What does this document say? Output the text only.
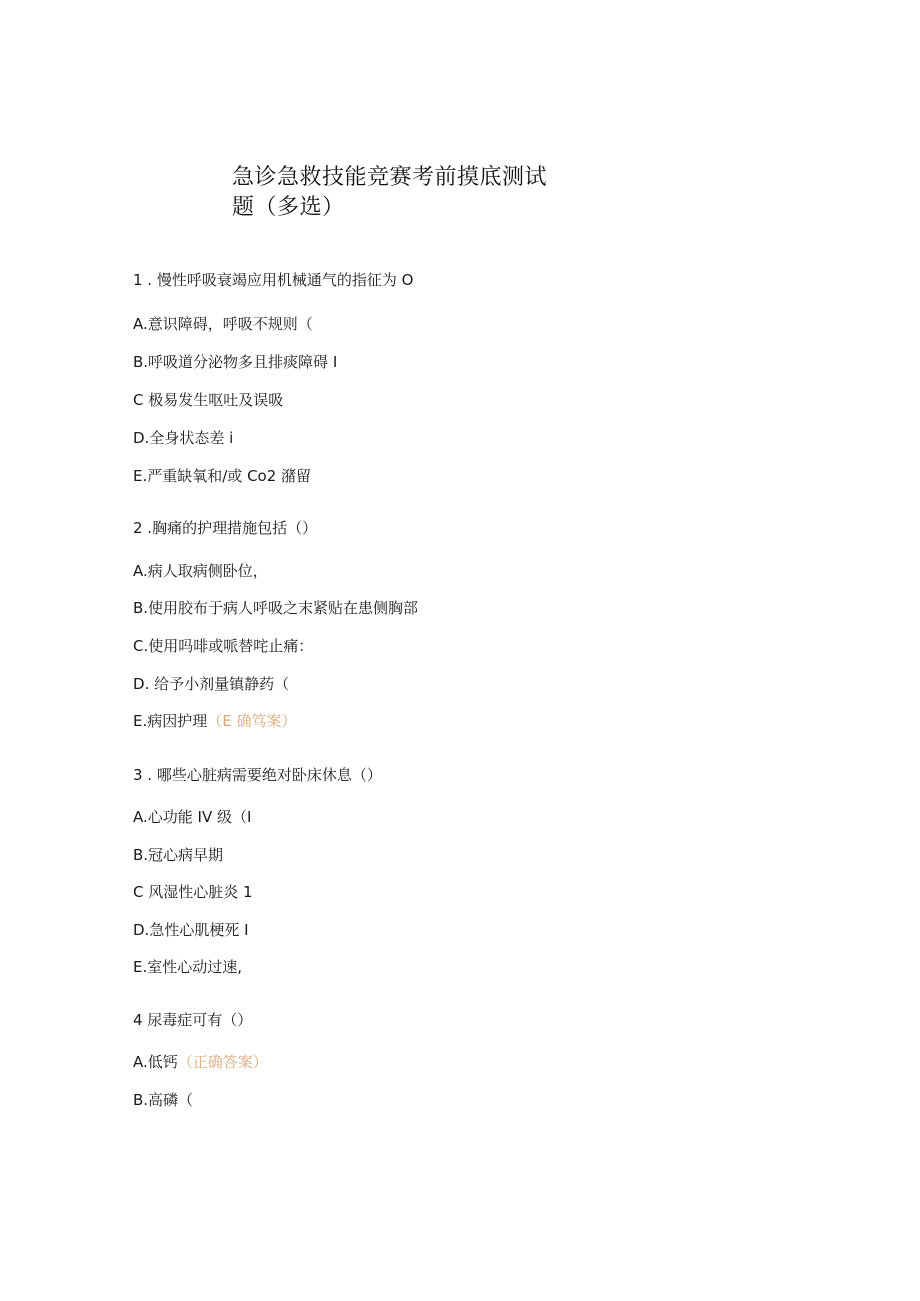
急诊急救技能竞赛考前摸底测试
题（多选）
1 . 慢性呼吸衰竭应用机械通气的指征为 O
A.意识障碍，呼吸不规则（
B.呼吸道分泌物多且排痰障碍 I
C 极易发生呕吐及误吸
D.全身状态差 i
E.严重缺氧和/或 Co2 潴留
2 .胸痛的护理措施包括（）
A.病人取病侧卧位，
B.使用胶布于病人呼吸之末紧贴在患侧胸部
C.使用吗啡或哌替咤止痛：
D. 给予小剂量镇静药（
E.病因护理（E 确笃案）
3 . 哪些心脏病需要绝对卧床休息（）
A.心功能 IV 级（I
B.冠心病早期
C 风湿性心脏炎 1
D.急性心肌梗死 I
E.室性心动过速,
4 尿毒症可有（）
A.低钙（正确答案）
B.高磷（
